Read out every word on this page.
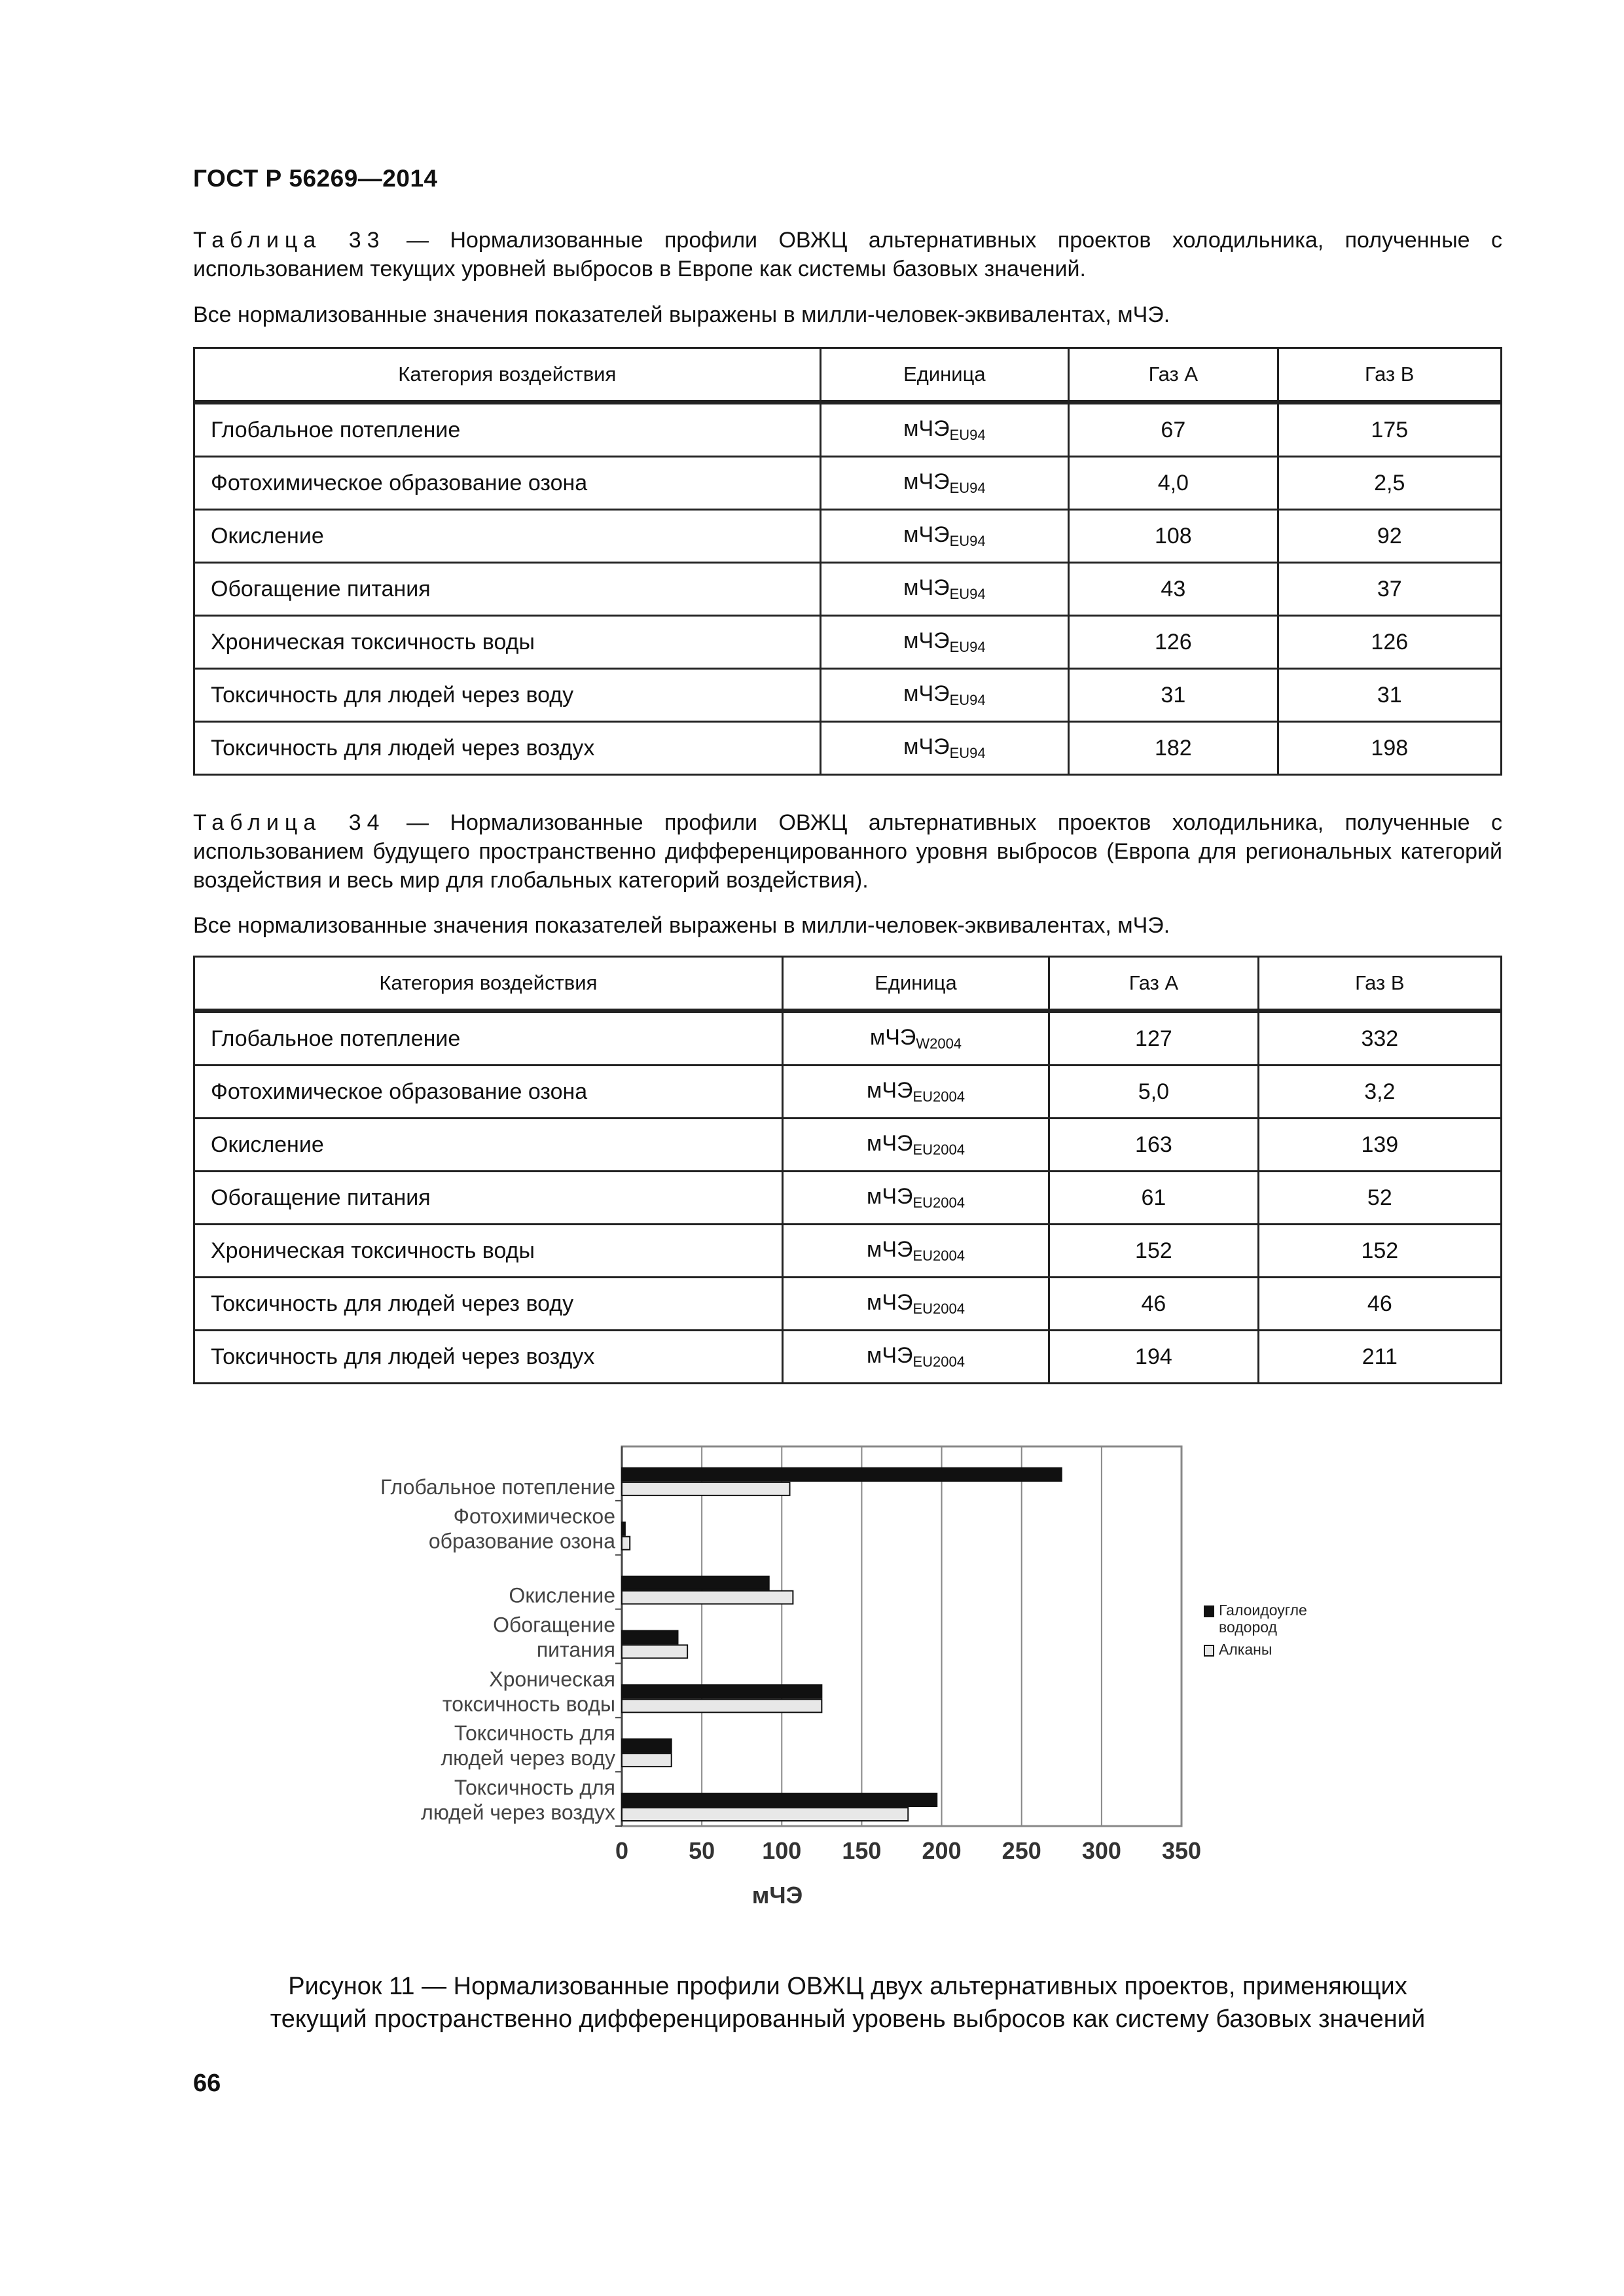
ГОСТ Р 56269—2014
Таблица 33 — Нормализованные профили ОВЖЦ альтернативных проектов холодильника, полученные с использованием текущих уровней выбросов в Европе как системы базовых значений.
Все нормализованные значения показателей выражены в милли-человек-эквивалентах, мЧЭ.
Категория воздействия	Единица	Газ А	Газ В
Глобальное потепление	мЧЭ$_{EU94}$	67	175
Фотохимическое образование озона	мЧЭ$_{EU94}$	4,0	2,5
Окисление	мЧЭ$_{EU94}$	108	92
Обогащение питания	мЧЭ$_{EU94}$	43	37
Хроническая токсичность воды	мЧЭ$_{EU94}$	126	126
Токсичность для людей через воду	мЧЭ$_{EU94}$	31	31
Токсичность для людей через воздух	мЧЭ$_{EU94}$	182	198
Таблица 34 — Нормализованные профили ОВЖЦ альтернативных проектов холодильника, полученные с использованием будущего пространственно дифференцированного уровня выбросов (Европа для региональных категорий воздействия и весь мир для глобальных категорий воздействия).
Все нормализованные значения показателей выражены в милли-человек-эквивалентах, мЧЭ.
Категория воздействия	Единица	Газ А	Газ В
Глобальное потепление	мЧЭ$_{W2004}$	127	332
Фотохимическое образование озона	мЧЭ$_{EU2004}$	5,0	3,2
Окисление	мЧЭ$_{EU2004}$	163	139
Обогащение питания	мЧЭ$_{EU2004}$	61	52
Хроническая токсичность воды	мЧЭ$_{EU2004}$	152	152
Токсичность для людей через воду	мЧЭ$_{EU2004}$	46	46
Токсичность для людей через воздух	мЧЭ$_{EU2004}$	194	211
0	50 100 150 200 250 300 350
мЧЭ
Глобальное потепление
Фотохимическое
образование озона
Окисление
Обогащение
питания
Хроническая
токсичность воды
Токсичность для
людей через воду
Токсичность для
людей через воздух
Галоидоугле
водород
Алканы
Рисунок 11 — Нормализованные профили ОВЖЦ двух альтернативных проектов, применяющих
текущий пространственно дифференцированный уровень выбросов как систему базовых значений
66
